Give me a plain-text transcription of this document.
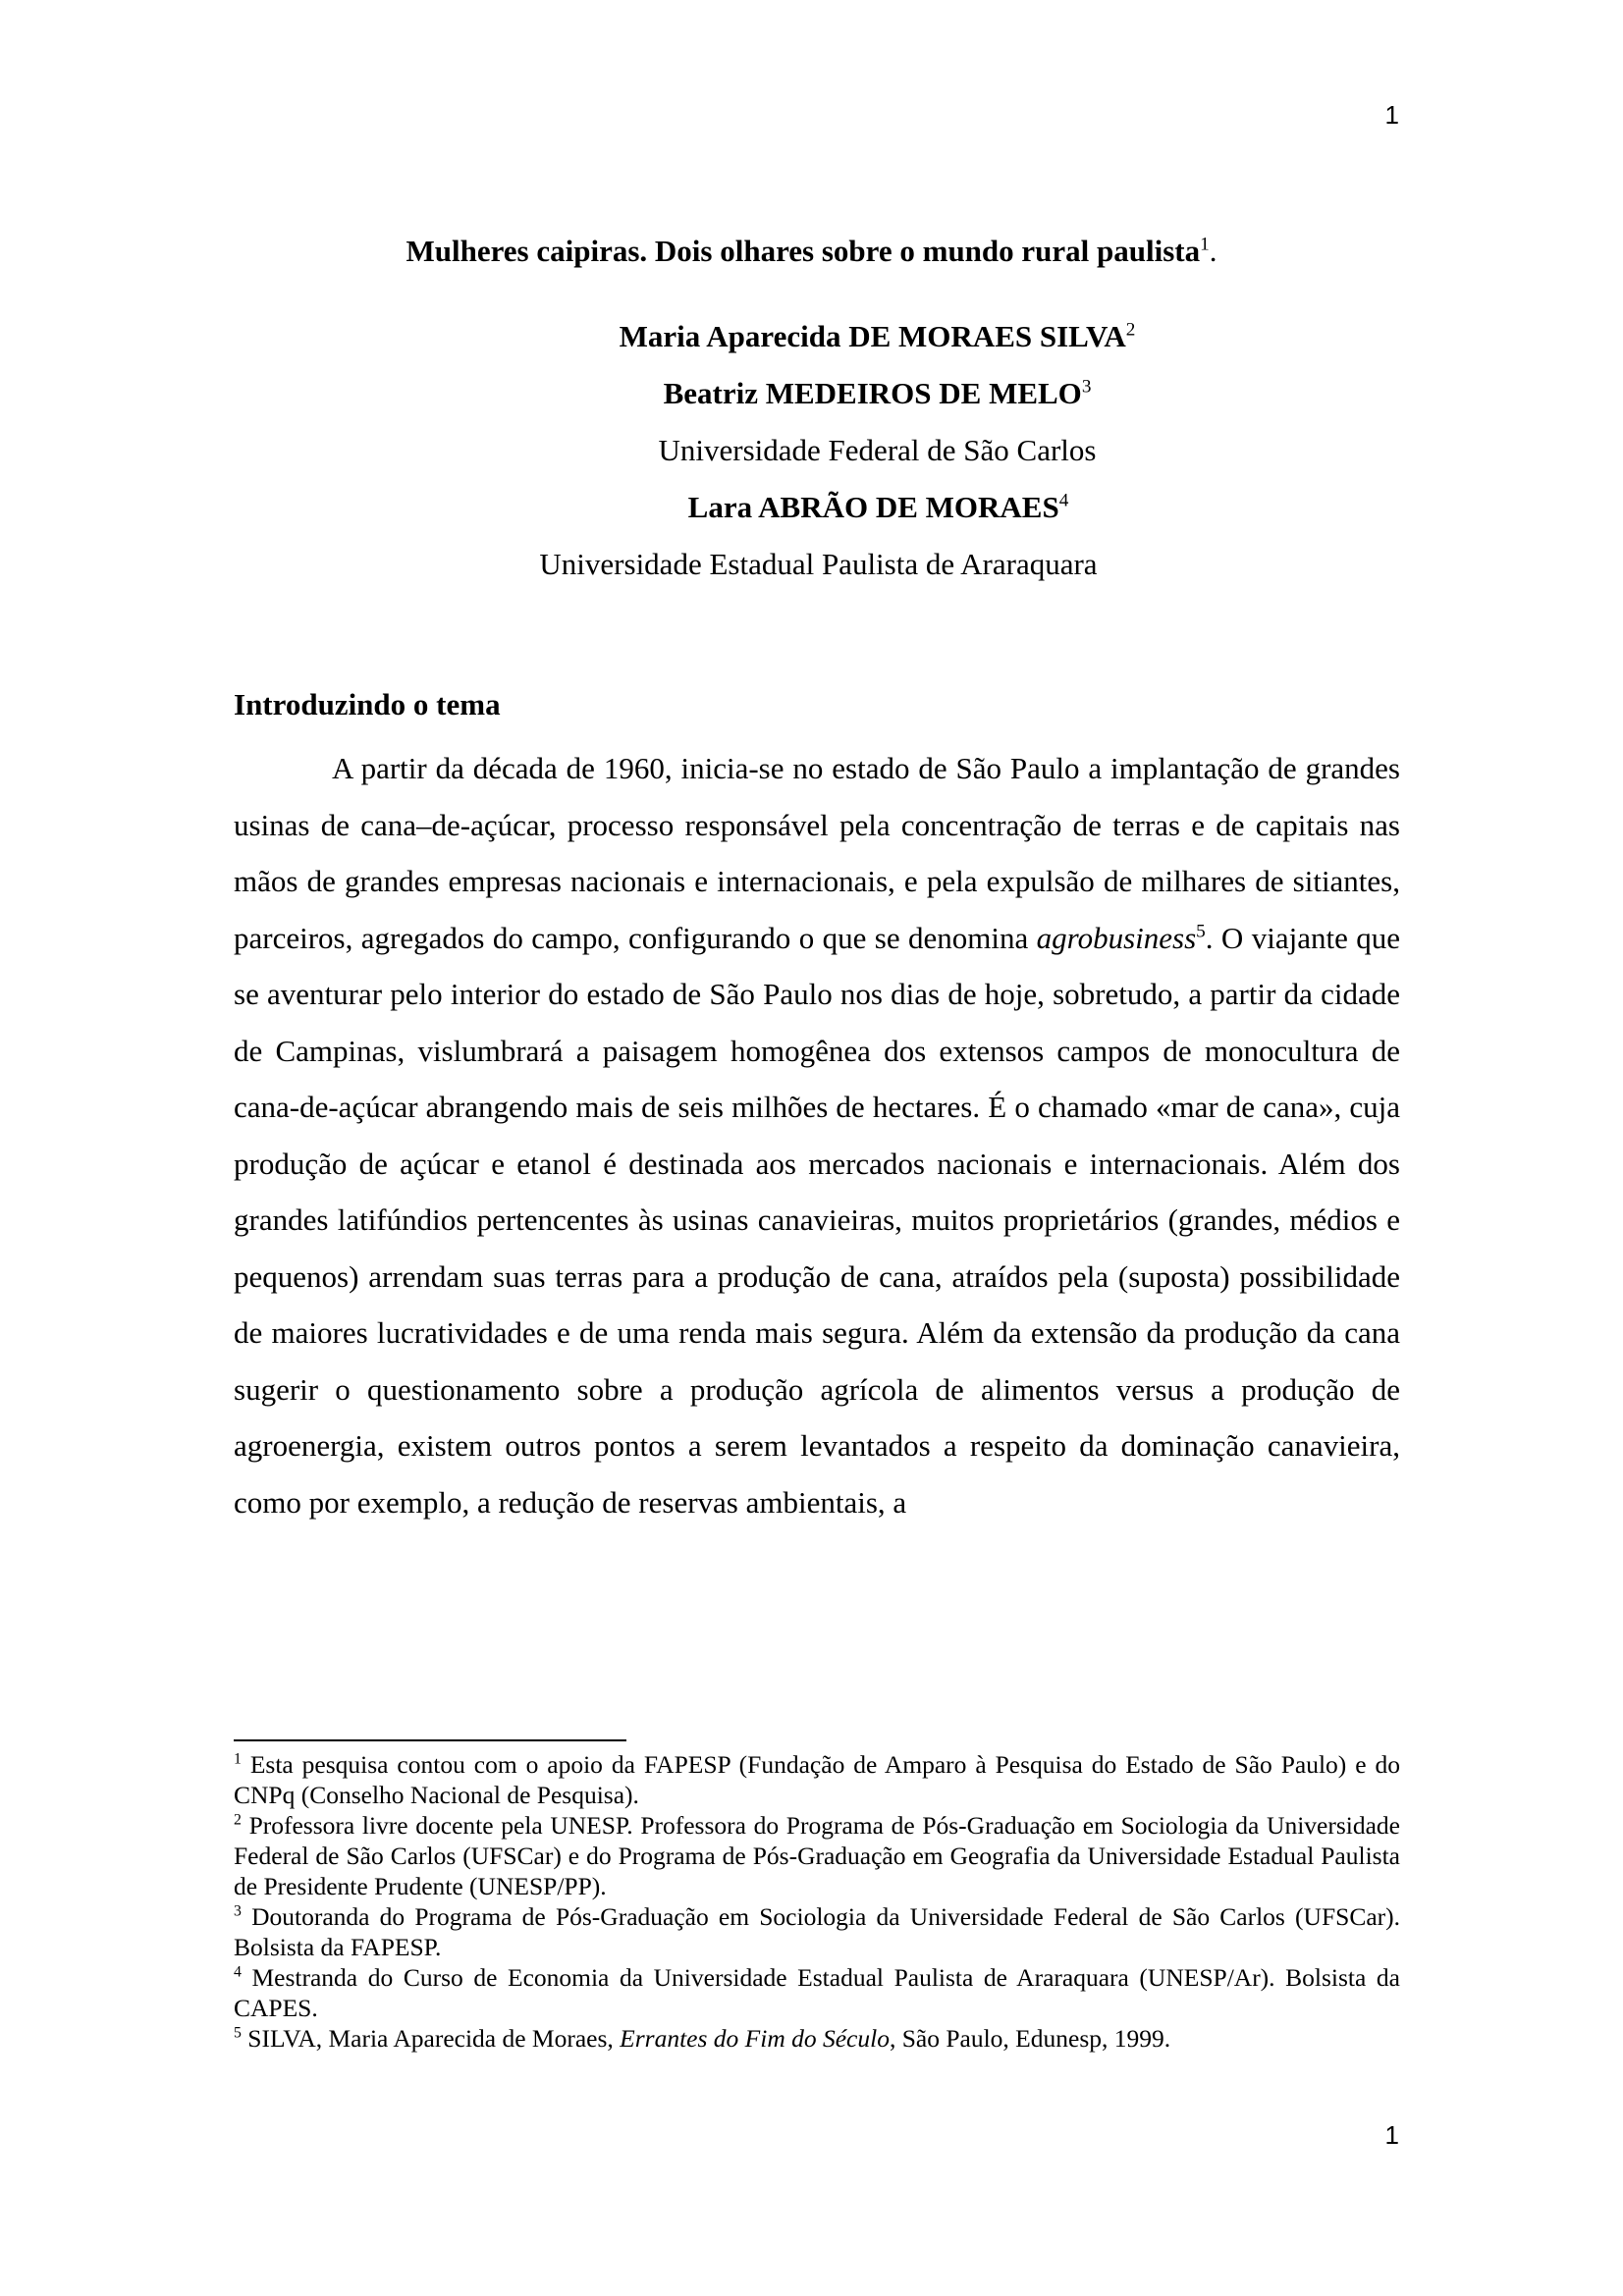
1
Mulheres caipiras. Dois olhares sobre o mundo rural paulista$^1$.
Maria Aparecida DE MORAES SILVA$^2$
Beatriz MEDEIROS DE MELO$^3$
Universidade Federal de São Carlos
Lara ABRÃO DE MORAES$^4$
Universidade Estadual Paulista de Araraquara
Introduzindo o tema

A partir da década de 1960, inicia-se no estado de São Paulo a implantação de grandes usinas de cana–de-açúcar, processo responsável pela concentração de terras e de capitais nas mãos de grandes empresas nacionais e internacionais, e pela expulsão de milhares de sitiantes, parceiros, agregados do campo, configurando o que se denomina agrobusiness$^5$. O viajante que se aventurar pelo interior do estado de São Paulo nos dias de hoje, sobretudo, a partir da cidade de Campinas, vislumbrará a paisagem homogênea dos extensos campos de monocultura de cana-de-açúcar abrangendo mais de seis milhões de hectares. É o chamado «mar de cana», cuja produção de açúcar e etanol é destinada aos mercados nacionais e internacionais. Além dos grandes latifúndios pertencentes às usinas canavieiras, muitos proprietários (grandes, médios e pequenos) arrendam suas terras para a produção de cana, atraídos pela (suposta) possibilidade de maiores lucratividades e de uma renda mais segura. Além da extensão da produção da cana sugerir o questionamento sobre a produção agrícola de alimentos versus a produção de agroenergia, existem outros pontos a serem levantados a respeito da dominação canavieira, como por exemplo, a redução de reservas ambientais, a

$^1$ Esta pesquisa contou com o apoio da FAPESP (Fundação de Amparo à Pesquisa do Estado de São Paulo) e do CNPq (Conselho Nacional de Pesquisa).

$^2$ Professora livre docente pela UNESP. Professora do Programa de Pós-Graduação em Sociologia da Universidade Federal de São Carlos (UFSCar) e do Programa de Pós-Graduação em Geografia da Universidade Estadual Paulista de Presidente Prudente (UNESP/PP).

$^3$ Doutoranda do Programa de Pós-Graduação em Sociologia da Universidade Federal de São Carlos (UFSCar). Bolsista da FAPESP.

$^4$ Mestranda do Curso de Economia da Universidade Estadual Paulista de Araraquara (UNESP/Ar). Bolsista da CAPES.

$^5$ SILVA, Maria Aparecida de Moraes, Errantes do Fim do Século, São Paulo, Edunesp, 1999.

1
